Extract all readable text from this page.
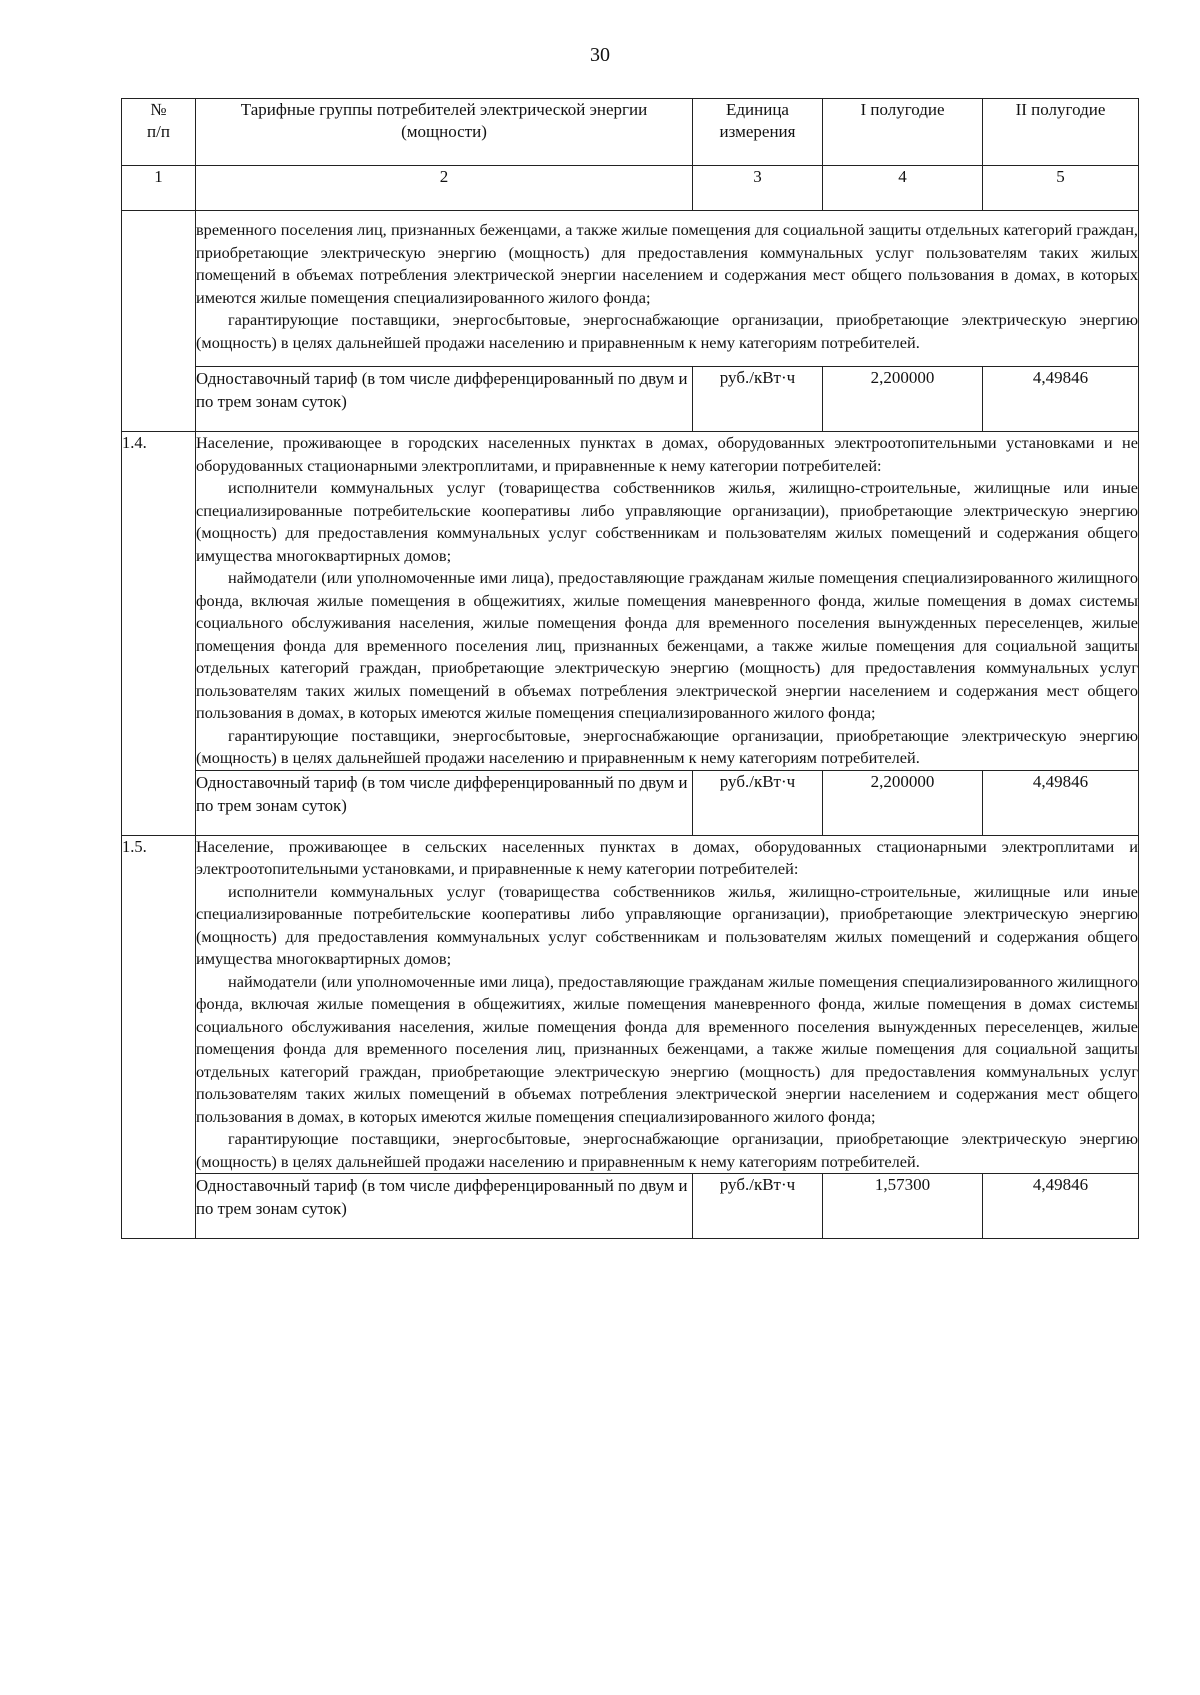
30
№
п/п	Тарифные группы потребителей электрической энергии (мощности)	Единица измерения	I полугодие	II полугодие
1	2	3	4	5

	временного поселения лиц, признанных беженцами, а также жилые помещения для социальной защиты отдельных категорий граждан, приобретающие электрическую энергию (мощность) для предоставления коммунальных услуг пользователям таких жилых помещений в объемах потребления электрической энергии населением и содержания мест общего пользования в домах, в которых имеются жилые помещения специализированного жилого фонда;

гарантирующие поставщики, энергосбытовые, энергоснабжающие организации, приобретающие электрическую энергию (мощность) в целях дальнейшей продажи населению и приравненным к нему категориям потребителей.			

	Одноставочный тариф (в том числе дифференцированный по двум и по трем зонам суток)	руб./кВт·ч	2,200000	4,49846
1.4.	Население, проживающее в городских населенных пунктах в домах, оборудованных электроотопительными установками и не оборудованных стационарными электроплитами, и приравненные к нему категории потребителей:

исполнители коммунальных услуг (товарищества собственников жилья, жилищно-строительные, жилищные или иные специализированные потребительские кооперативы либо управляющие организации), приобретающие электрическую энергию (мощность) для предоставления коммунальных услуг собственникам и пользователям жилых помещений и содержания общего имущества многоквартирных домов;

наймодатели (или уполномоченные ими лица), предоставляющие гражданам жилые помещения специализированного жилищного фонда, включая жилые помещения в общежитиях, жилые помещения маневренного фонда, жилые помещения в домах системы социального обслуживания населения, жилые помещения фонда для временного поселения вынужденных переселенцев, жилые помещения фонда для временного поселения лиц, признанных беженцами, а также жилые помещения для социальной защиты отдельных категорий граждан, приобретающие электрическую энергию (мощность) для предоставления коммунальных услуг пользователям таких жилых помещений в объемах потребления электрической энергии населением и содержания мест общего пользования в домах, в которых имеются жилые помещения специализированного жилого фонда;

гарантирующие поставщики, энергосбытовые, энергоснабжающие организации, приобретающие электрическую энергию (мощность) в целях дальнейшей продажи населению и приравненным к нему категориям потребителей.			

	Одноставочный тариф (в том числе дифференцированный по двум и по трем зонам суток)	руб./кВт·ч	2,200000	4,49846
1.5.	Население, проживающее в сельских населенных пунктах в домах, оборудованных стационарными электроплитами и электроотопительными установками, и приравненные к нему категории потребителей:

исполнители коммунальных услуг (товарищества собственников жилья, жилищно-строительные, жилищные или иные специализированные потребительские кооперативы либо управляющие организации), приобретающие электрическую энергию (мощность) для предоставления коммунальных услуг собственникам и пользователям жилых помещений и содержания общего имущества многоквартирных домов;

наймодатели (или уполномоченные ими лица), предоставляющие гражданам жилые помещения специализированного жилищного фонда, включая жилые помещения в общежитиях, жилые помещения маневренного фонда, жилые помещения в домах системы социального обслуживания населения, жилые помещения фонда для временного поселения вынужденных переселенцев, жилые помещения фонда для временного поселения лиц, признанных беженцами, а также жилые помещения для социальной защиты отдельных категорий граждан, приобретающие электрическую энергию (мощность) для предоставления коммунальных услуг пользователям таких жилых помещений в объемах потребления электрической энергии населением и содержания мест общего пользования в домах, в которых имеются жилые помещения специализированного жилого фонда;

гарантирующие поставщики, энергосбытовые, энергоснабжающие организации, приобретающие электрическую энергию (мощность) в целях дальнейшей продажи населению и приравненным к нему категориям потребителей.			

	Одноставочный тариф (в том числе дифференцированный по двум и по трем зонам суток)	руб./кВт·ч	1,57300	4,49846
